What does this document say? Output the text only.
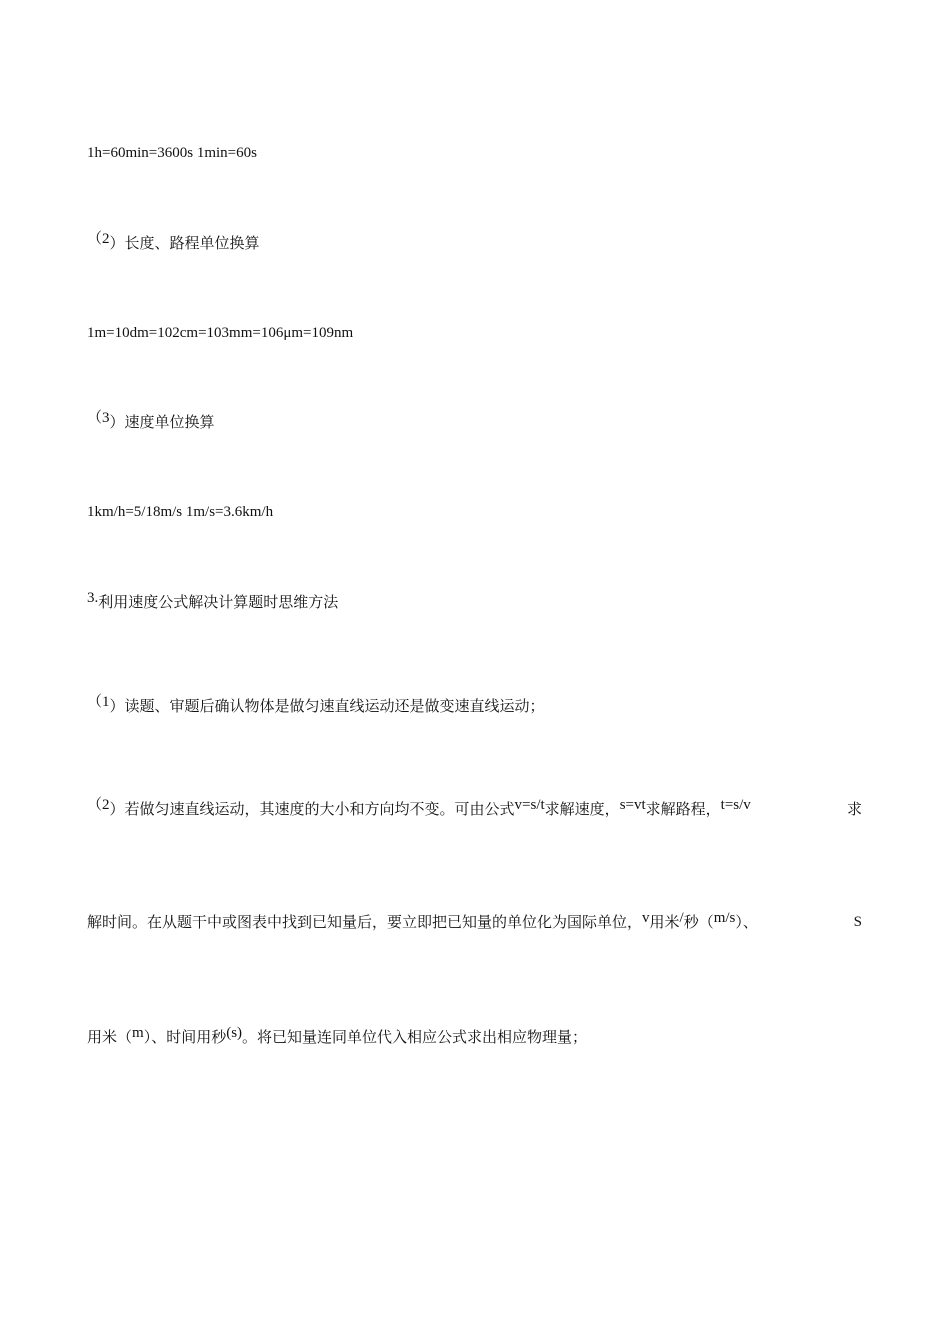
1h=60min=3600s 1min=60s
（2）长度、路程单位换算
1m=10dm=102cm=103mm=106μm=109nm
（3）速度单位换算
1km/h=5/18m/s 1m/s=3.6km/h
3.利用速度公式解决计算题时思维方法
（1）读题、审题后确认物体是做匀速直线运动还是做变速直线运动；
（2）若做匀速直线运动，其速度的大小和方向均不变。可由公式v=s/t求解速度，s=vt求解路程，t=s/v	求
解时间。在从题干中或图表中找到已知量后，要立即把已知量的单位化为国际单位，v用米/秒（m/s）、	S
用米（m）、时间用秒(s)。将已知量连同单位代入相应公式求出相应物理量；
